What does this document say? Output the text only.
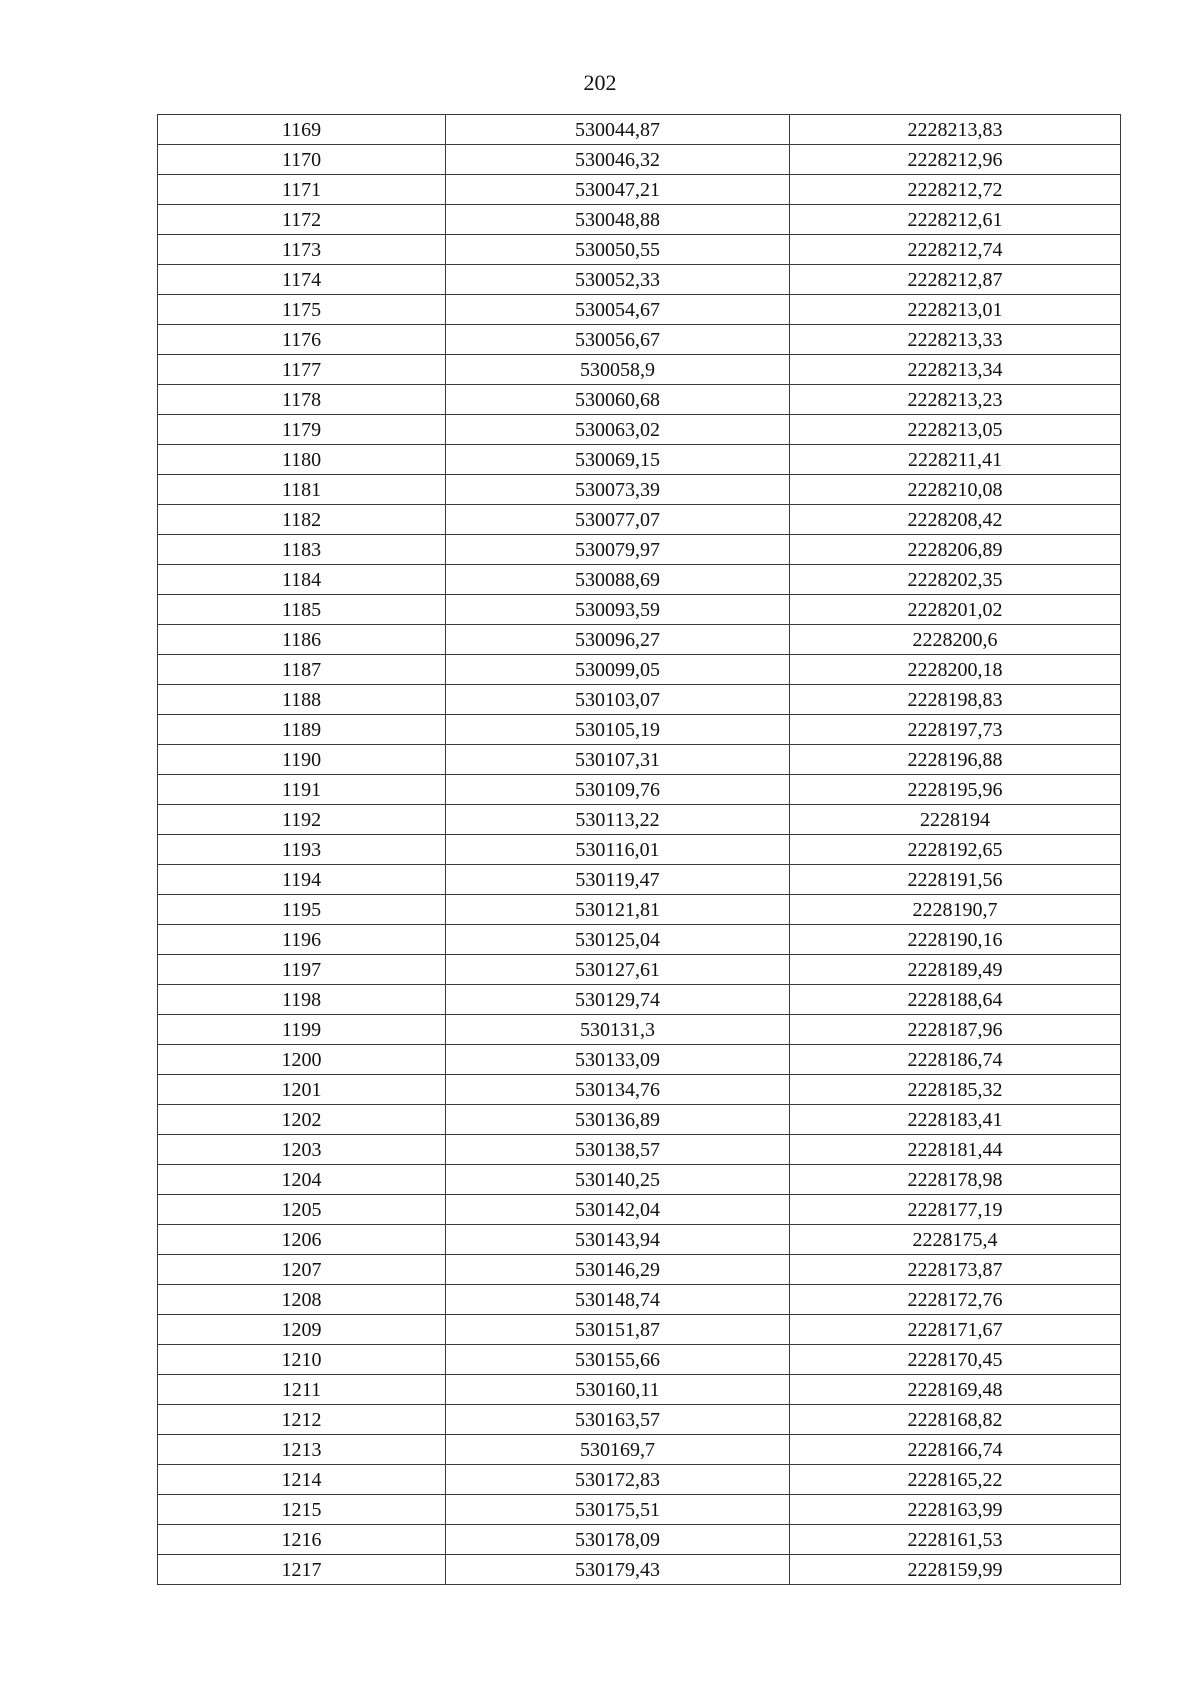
202
1169	530044,87	2228213,83
1170	530046,32	2228212,96
1171	530047,21	2228212,72
1172	530048,88	2228212,61
1173	530050,55	2228212,74
1174	530052,33	2228212,87
1175	530054,67	2228213,01
1176	530056,67	2228213,33
1177	530058,9	2228213,34
1178	530060,68	2228213,23
1179	530063,02	2228213,05
1180	530069,15	2228211,41
1181	530073,39	2228210,08
1182	530077,07	2228208,42
1183	530079,97	2228206,89
1184	530088,69	2228202,35
1185	530093,59	2228201,02
1186	530096,27	2228200,6
1187	530099,05	2228200,18
1188	530103,07	2228198,83
1189	530105,19	2228197,73
1190	530107,31	2228196,88
1191	530109,76	2228195,96
1192	530113,22	2228194
1193	530116,01	2228192,65
1194	530119,47	2228191,56
1195	530121,81	2228190,7
1196	530125,04	2228190,16
1197	530127,61	2228189,49
1198	530129,74	2228188,64
1199	530131,3	2228187,96
1200	530133,09	2228186,74
1201	530134,76	2228185,32
1202	530136,89	2228183,41
1203	530138,57	2228181,44
1204	530140,25	2228178,98
1205	530142,04	2228177,19
1206	530143,94	2228175,4
1207	530146,29	2228173,87
1208	530148,74	2228172,76
1209	530151,87	2228171,67
1210	530155,66	2228170,45
1211	530160,11	2228169,48
1212	530163,57	2228168,82
1213	530169,7	2228166,74
1214	530172,83	2228165,22
1215	530175,51	2228163,99
1216	530178,09	2228161,53
1217	530179,43	2228159,99
